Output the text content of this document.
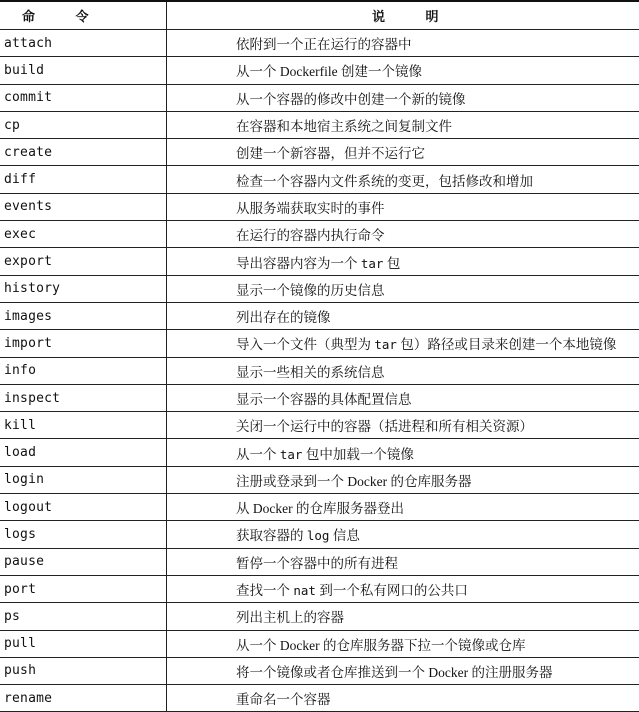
命 令	说 明
attach	依附到一个正在运行的容器中
build	从一个 Dockerfile 创建一个镜像
commit	从一个容器的修改中创建一个新的镜像
cp	在容器和本地宿主系统之间复制文件
create	创建一个新容器，但并不运行它
diff	检查一个容器内文件系统的变更，包括修改和增加
events	从服务端获取实时的事件
exec	在运行的容器内执行命令
export	导出容器内容为一个 tar 包
history	显示一个镜像的历史信息
images	列出存在的镜像
import	导入一个文件（典型为 tar 包）路径或目录来创建一个本地镜像
info	显示一些相关的系统信息
inspect	显示一个容器的具体配置信息
kill	关闭一个运行中的容器（括进程和所有相关资源）
load	从一个 tar 包中加载一个镜像
login	注册或登录到一个 Docker 的仓库服务器
logout	从 Docker 的仓库服务器登出
logs	获取容器的 log 信息
pause	暂停一个容器中的所有进程
port	查找一个 nat 到一个私有网口的公共口
ps	列出主机上的容器
pull	从一个 Docker 的仓库服务器下拉一个镜像或仓库
push	将一个镜像或者仓库推送到一个 Docker 的注册服务器
rename	重命名一个容器
